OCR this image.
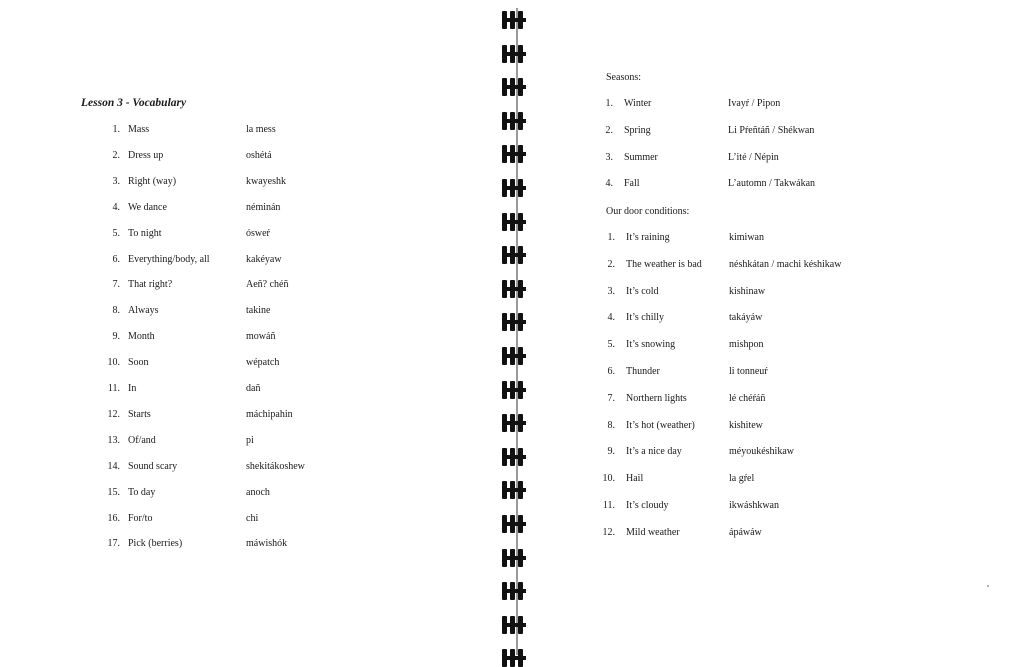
Lesson 3 - Vocabulary
1. Mass	la mess
2. Dress up	oshétá
3. Right (way)	kwayeshk
4. We dance	néminán
5. To night	ósweŕ
6. Everything/body, all	kakéyaw
7. That right?	Aeñ? chéñ
8. Always	takine
9. Month	mowáñ
10. Soon	wépatch
11. In	dañ
12. Starts	máchipahin
13. Of/and	pi
14. Sound scary	shekitákoshew
15. To day	anoch
16. For/to	chi
17. Pick (berries)	máwishók
Seasons:
1. Winter	Ivayŕ / Pipon
2. Spring	Li Pŕeñtáñ / Shékwan
3. Summer	L’ité / Népin
4. Fall	L’automn / Takwákan
Our door conditions:
1. It’s raining	kimiwan
2. The weather is bad	néshkátan / machi késhikaw
3. It’s cold	kishinaw
4. It’s chilly	takáyáw
5. It’s snowing	mishpon
6. Thunder	li tonneuŕ
7. Northern lights	lé chéŕáñ
8. It’s hot (weather)	kishitew
9. It’s a nice day	méyoukéshikaw
10. Hail	la gŕel
11. It’s cloudy	ikwáshkwan
12. Mild weather	ápáwáw
